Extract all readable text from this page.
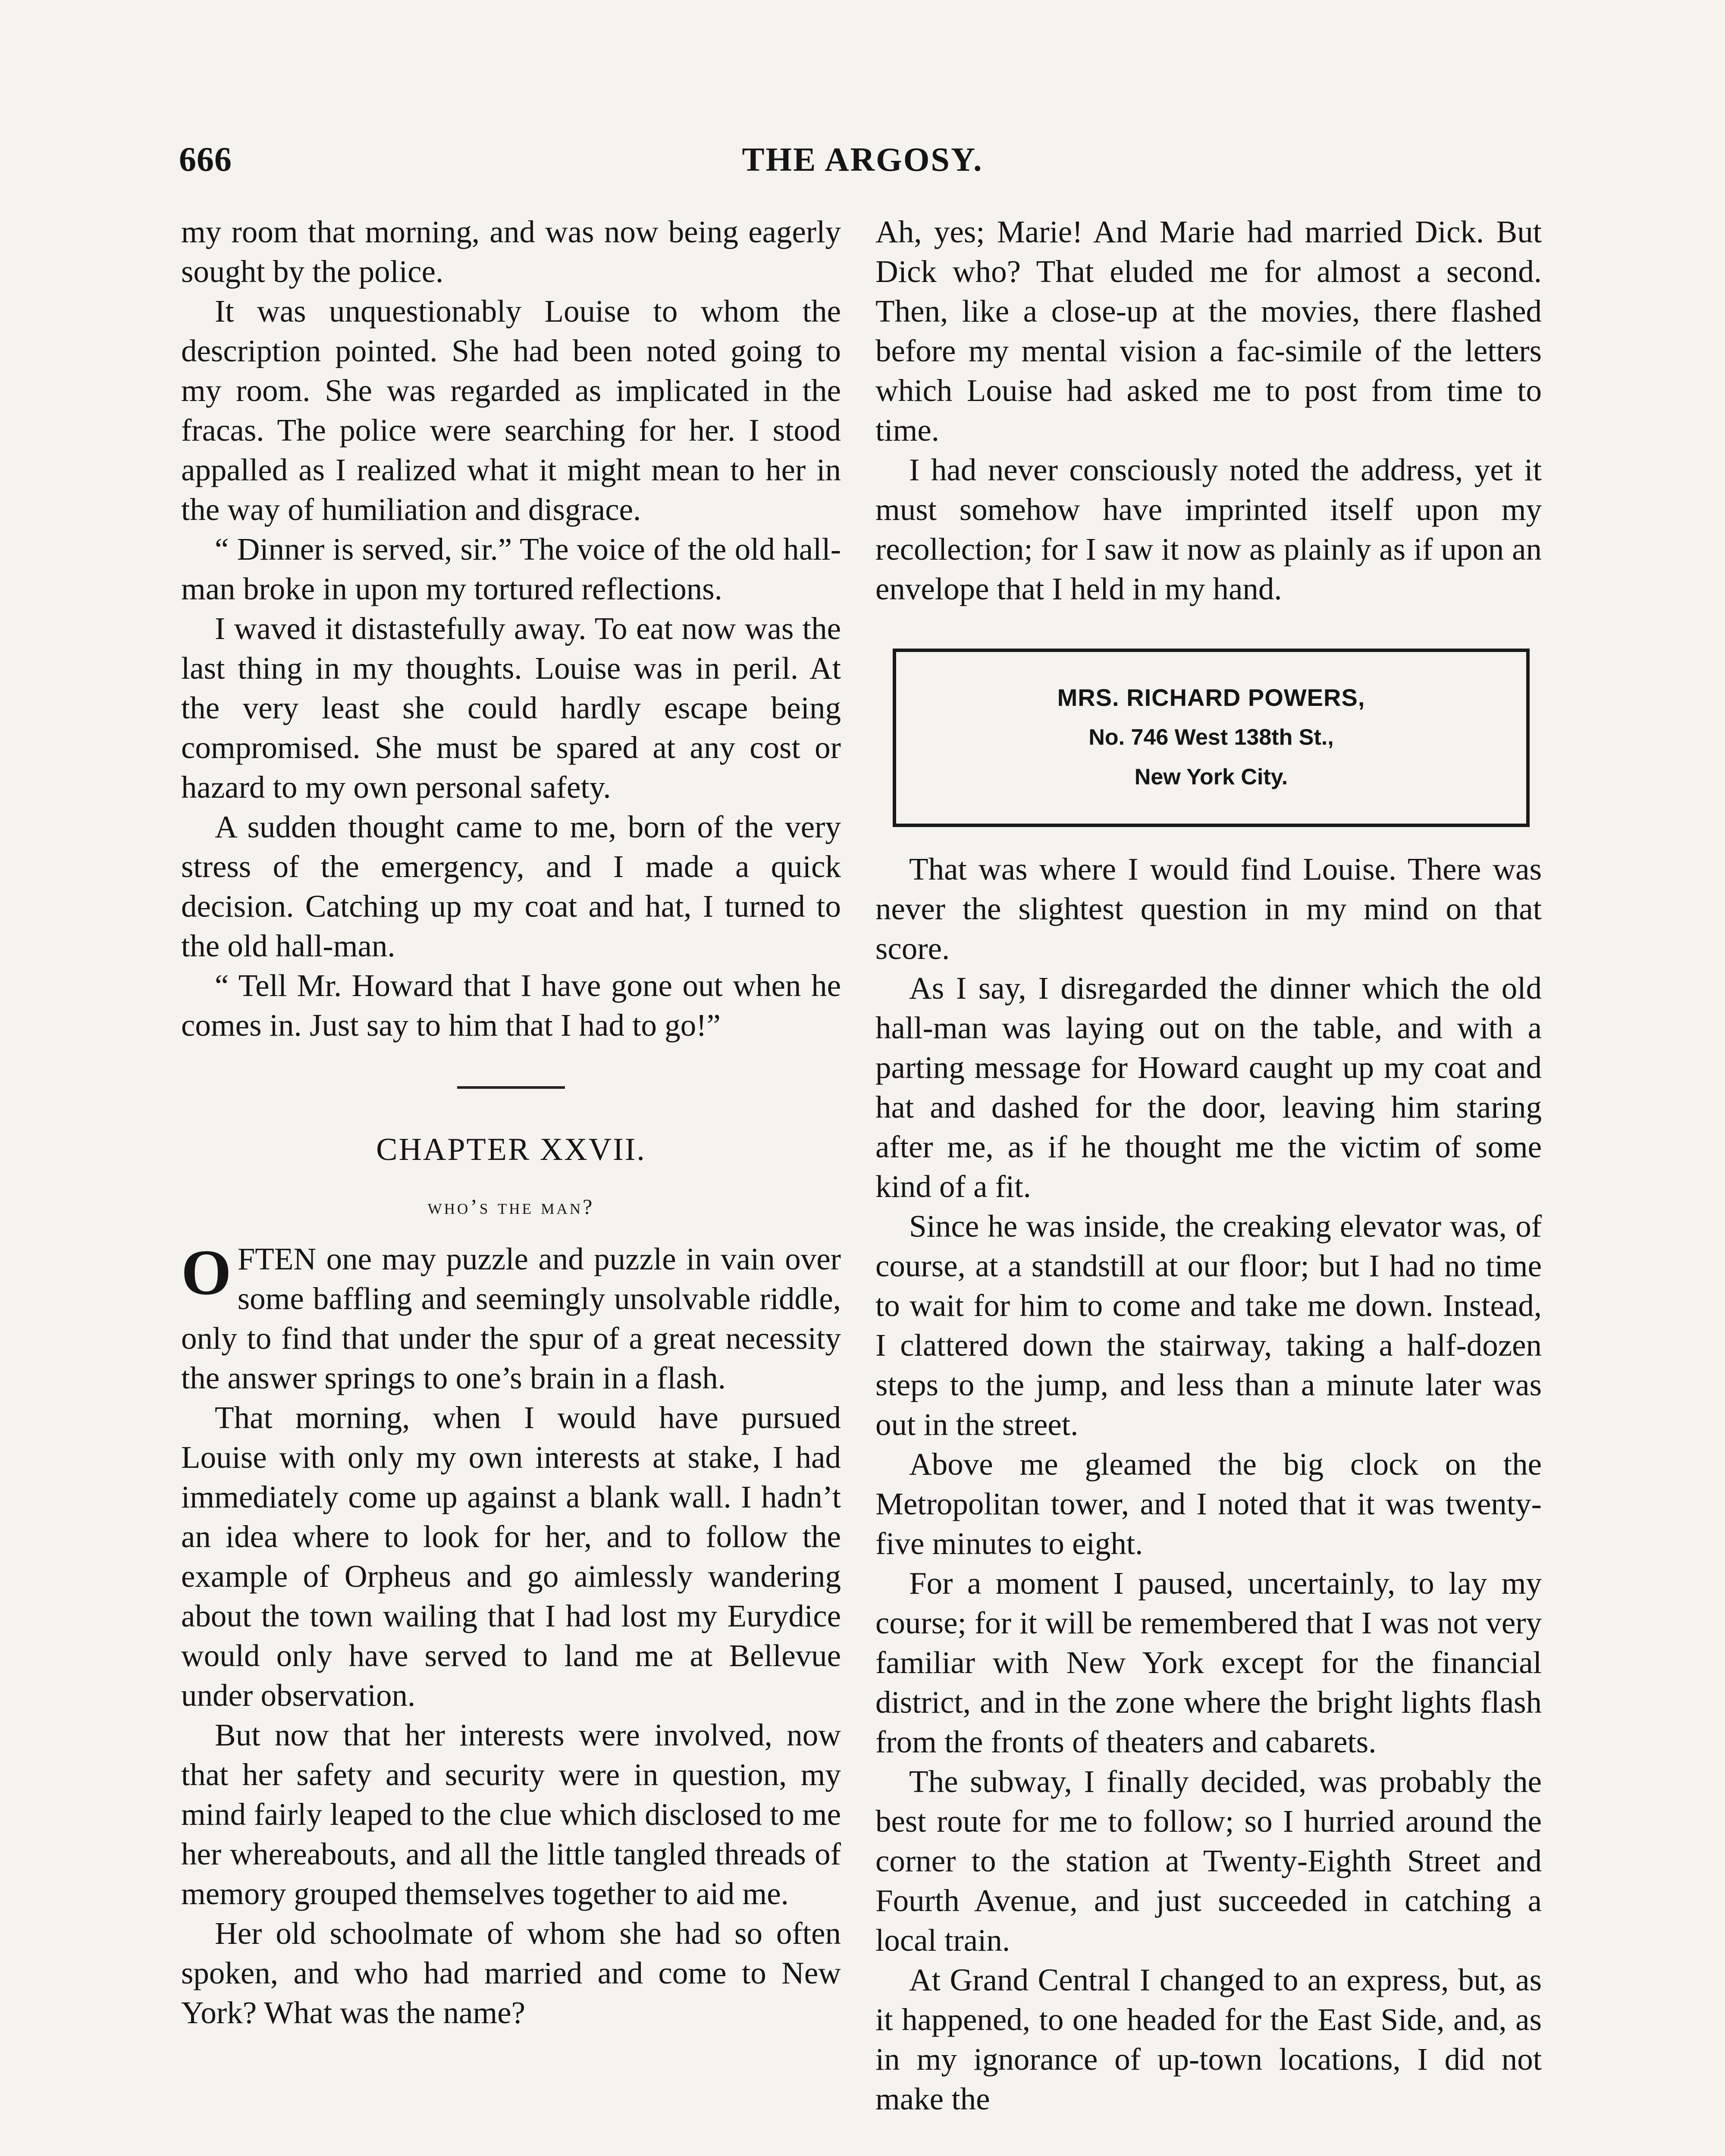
666	THE ARGOSY.

my room that morning, and was now being eagerly sought by the police.

It was unquestionably Louise to whom the description pointed. She had been noted going to my room. She was regarded as implicated in the fracas. The police were searching for her. I stood appalled as I realized what it might mean to her in the way of humiliation and disgrace.

“ Dinner is served, sir.” The voice of the old hall-man broke in upon my tortured reflections.

I waved it distastefully away. To eat now was the last thing in my thoughts. Louise was in peril. At the very least she could hardly escape being compromised. She must be spared at any cost or hazard to my own personal safety.

A sudden thought came to me, born of the very stress of the emergency, and I made a quick decision. Catching up my coat and hat, I turned to the old hall-man.

“ Tell Mr. Howard that I have gone out when he comes in. Just say to him that I had to go!”

CHAPTER XXVII.
who’s the man?

OFTEN one may puzzle and puzzle in vain over some baffling and seemingly unsolvable riddle, only to find that under the spur of a great necessity the answer springs to one’s brain in a flash.

That morning, when I would have pursued Louise with only my own interests at stake, I had immediately come up against a blank wall. I hadn’t an idea where to look for her, and to follow the example of Orpheus and go aimlessly wandering about the town wailing that I had lost my Eurydice would only have served to land me at Bellevue under observation.

But now that her interests were involved, now that her safety and security were in question, my mind fairly leaped to the clue which disclosed to me her whereabouts, and all the little tangled threads of memory grouped themselves together to aid me.

Her old schoolmate of whom she had so often spoken, and who had married and come to New York? What was the name?

Ah, yes; Marie! And Marie had married Dick. But Dick who? That eluded me for almost a second. Then, like a close-up at the movies, there flashed before my mental vision a fac-simile of the letters which Louise had asked me to post from time to time.

I had never consciously noted the address, yet it must somehow have imprinted itself upon my recollection; for I saw it now as plainly as if upon an envelope that I held in my hand.

MRS. RICHARD POWERS,
No. 746 West 138th St.,
New York City.

That was where I would find Louise. There was never the slightest question in my mind on that score.

As I say, I disregarded the dinner which the old hall-man was laying out on the table, and with a parting message for Howard caught up my coat and hat and dashed for the door, leaving him staring after me, as if he thought me the victim of some kind of a fit.

Since he was inside, the creaking elevator was, of course, at a standstill at our floor; but I had no time to wait for him to come and take me down. Instead, I clattered down the stairway, taking a half-dozen steps to the jump, and less than a minute later was out in the street.

Above me gleamed the big clock on the Metropolitan tower, and I noted that it was twenty-five minutes to eight.

For a moment I paused, uncertainly, to lay my course; for it will be remembered that I was not very familiar with New York except for the financial district, and in the zone where the bright lights flash from the fronts of theaters and cabarets.

The subway, I finally decided, was probably the best route for me to follow; so I hurried around the corner to the station at Twenty-Eighth Street and Fourth Avenue, and just succeeded in catching a local train.

At Grand Central I changed to an express, but, as it happened, to one headed for the East Side, and, as in my ignorance of up-town locations, I did not make the
